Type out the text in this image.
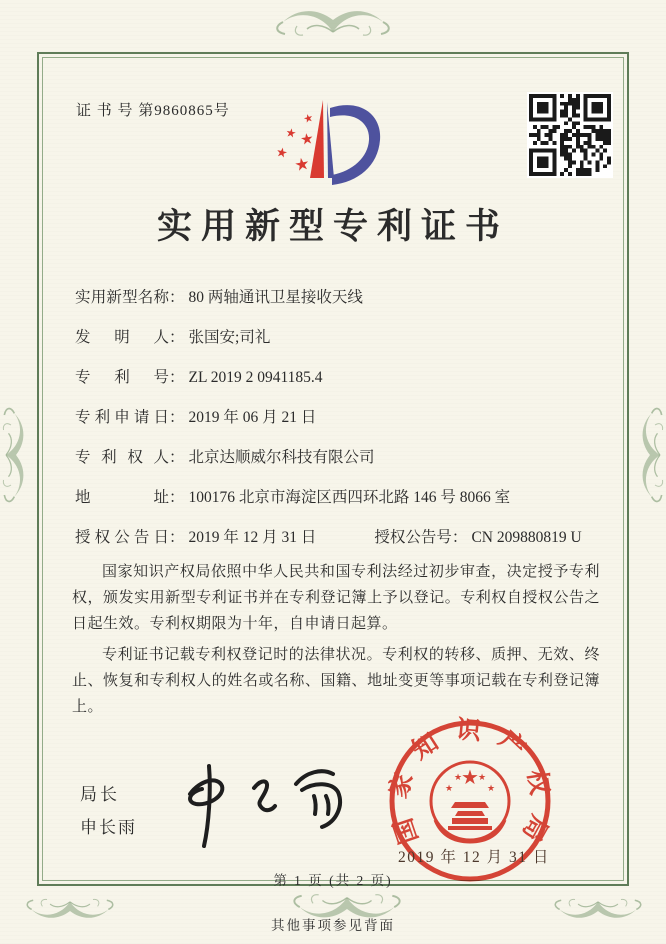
证 书 号 第9860865号	★
★ ★
★
★
实用新型专利证书
实用新型名称： 80 两轴通讯卫星接收天线
发明人： 张国安;司礼
专利号： ZL 2019 2 0941185.4
专利申请日： 2019 年 06 月 21 日
专利权人： 北京达顺威尔科技有限公司
地址： 100176 北京市海淀区西四环北路 146 号 8066 室
授权公告日： 2019 年 12 月 31 日	授权公告号： CN 209880819 U

国家知识产权局依照中华人民共和国专利法经过初步审查，决定授予专利权，颁发实用新型专利证书并在专利登记簿上予以登记。专利权自授权公告之日起生效。专利权期限为十年，自申请日起算。

专利证书记载专利权登记时的法律状况。专利权的转移、质押、无效、终止、恢复和专利权人的姓名或名称、国籍、地址变更等事项记载在专利登记簿上。

局长
申长雨	国家知识产权局
★
★
★ ★
★
2019 年 12 月 31 日
第 1 页 (共 2 页)
其他事项参见背面
